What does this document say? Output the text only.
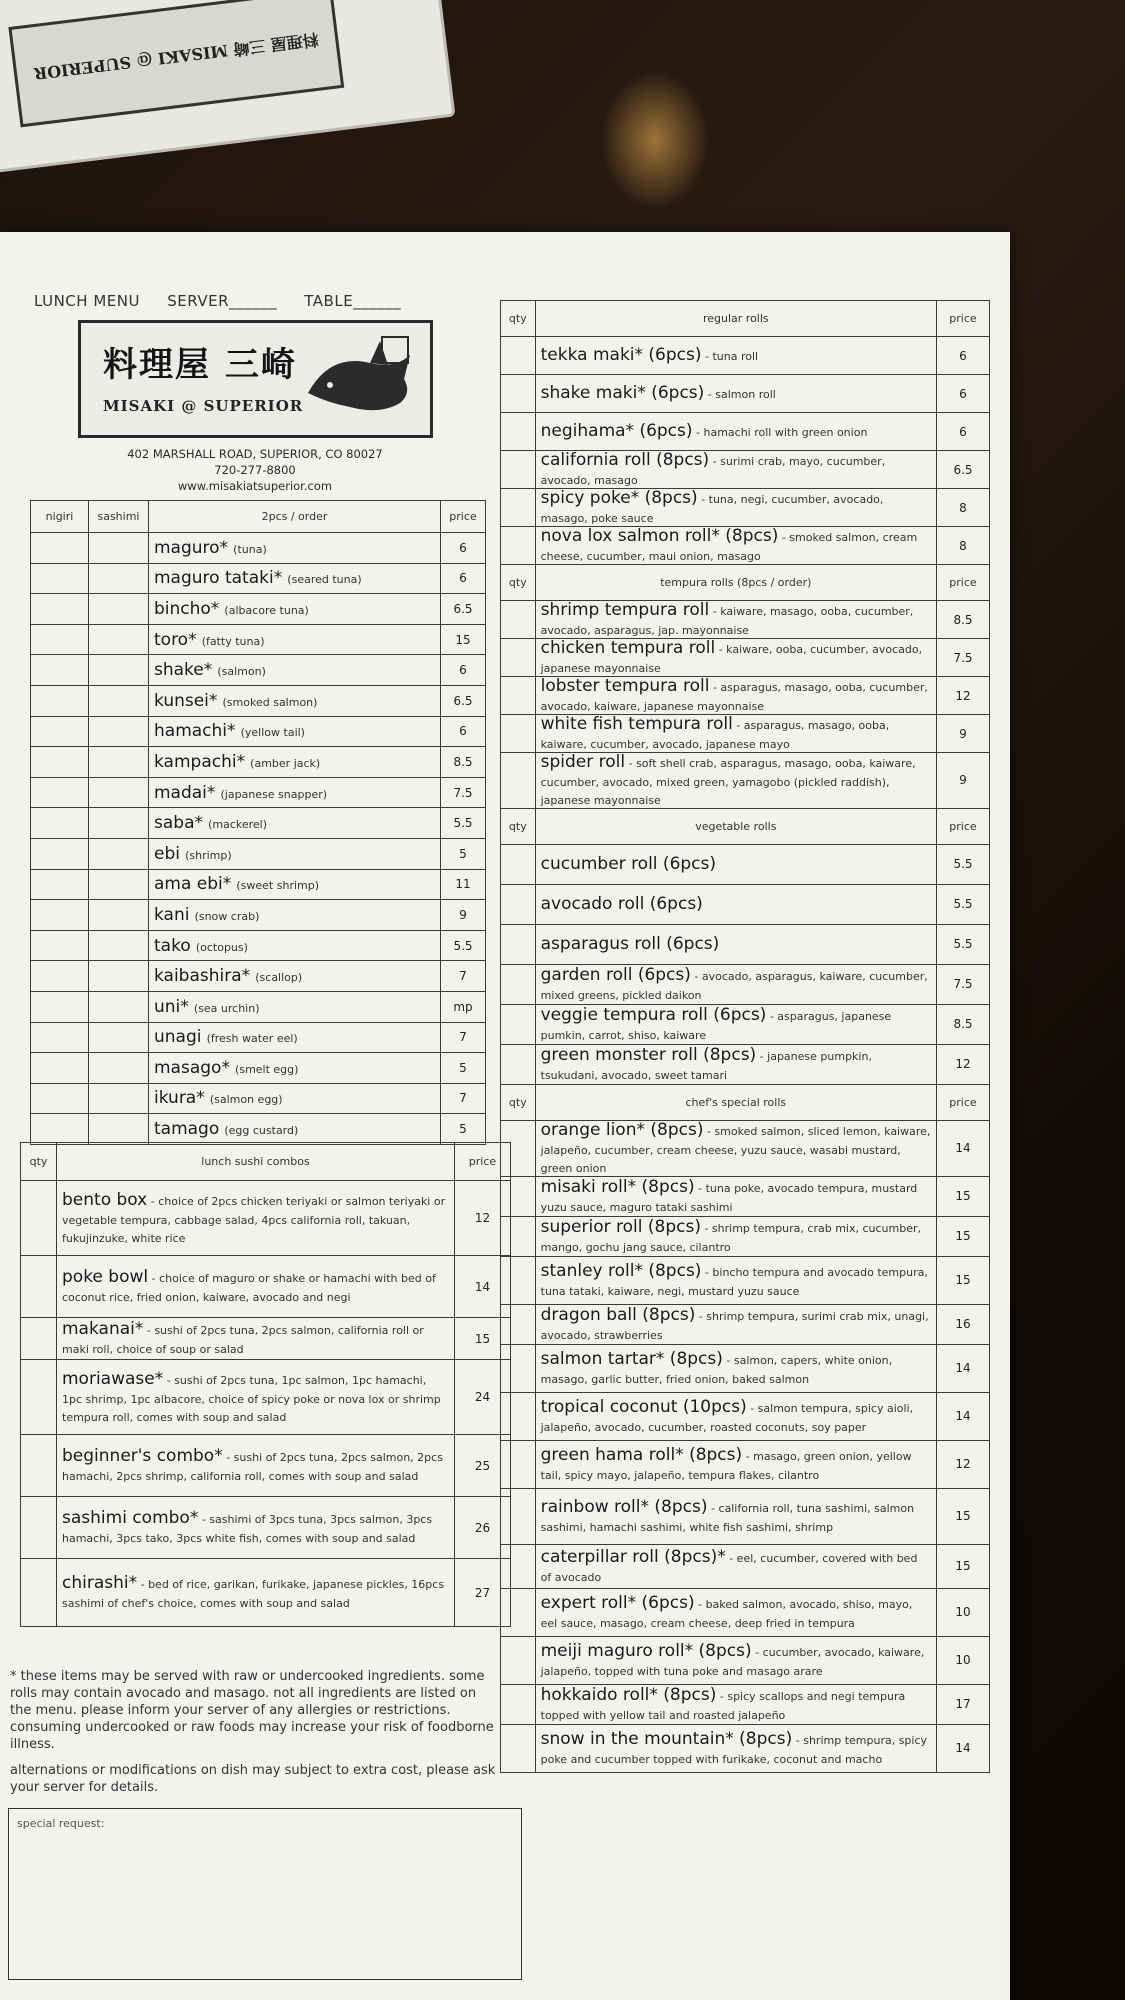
料理屋 三崎 MISAKI @ SUPERIOR
LUNCH MENU SERVER______ TABLE______
料理屋 三崎
MISAKI @ SUPERIOR
402 MARSHALL ROAD, SUPERIOR, CO 80027
720-277-8800
www.misakiatsuperior.com
nigiri	sashimi	2pcs / order	price
		maguro* (tuna)	6
		maguro tataki* (seared tuna)	6
		bincho* (albacore tuna)	6.5
		toro* (fatty tuna)	15
		shake* (salmon)	6
		kunsei* (smoked salmon)	6.5
		hamachi* (yellow tail)	6
		kampachi* (amber jack)	8.5
		madai* (japanese snapper)	7.5
		saba* (mackerel)	5.5
		ebi (shrimp)	5
		ama ebi* (sweet shrimp)	11
		kani (snow crab)	9
		tako (octopus)	5.5
		kaibashira* (scallop)	7
		uni* (sea urchin)	mp
		unagi (fresh water eel)	7
		masago* (smelt egg)	5
		ikura* (salmon egg)	7
		tamago (egg custard)	5
qty	lunch sushi combos	price
	bento box - choice of 2pcs chicken teriyaki or salmon teriyaki or vegetable tempura, cabbage salad, 4pcs california roll, takuan, fukujinzuke, white rice	12
	poke bowl - choice of maguro or shake or hamachi with bed of coconut rice, fried onion, kaiware, avocado and negi	14
	makanai* - sushi of 2pcs tuna, 2pcs salmon, california roll or maki roll, choice of soup or salad	15
	moriawase* - sushi of 2pcs tuna, 1pc salmon, 1pc hamachi, 1pc shrimp, 1pc albacore, choice of spicy poke or nova lox or shrimp tempura roll, comes with soup and salad	24
	beginner's combo* - sushi of 2pcs tuna, 2pcs salmon, 2pcs hamachi, 2pcs shrimp, california roll, comes with soup and salad	25
	sashimi combo* - sashimi of 3pcs tuna, 3pcs salmon, 3pcs hamachi, 3pcs tako, 3pcs white fish, comes with soup and salad	26
	chirashi* - bed of rice, garikan, furikake, japanese pickles, 16pcs sashimi of chef's choice, comes with soup and salad	27
* these items may be served with raw or undercooked ingredients. some rolls may contain avocado and masago. not all ingredients are listed on the menu. please inform your server of any allergies or restrictions. consuming undercooked or raw foods may increase your risk of foodborne illness.
alternations or modifications on dish may subject to extra cost, please ask your server for details.
special request:
qty	regular rolls	price
	tekka maki* (6pcs) - tuna roll	6
	shake maki* (6pcs) - salmon roll	6
	negihama* (6pcs) - hamachi roll with green onion	6
	california roll (8pcs) - surimi crab, mayo, cucumber, avocado, masago	6.5
	spicy poke* (8pcs) - tuna, negi, cucumber, avocado, masago, poke sauce	8
	nova lox salmon roll* (8pcs) - smoked salmon, cream cheese, cucumber, maui onion, masago	8
qty	tempura rolls (8pcs / order)	price
	shrimp tempura roll - kaiware, masago, ooba, cucumber, avocado, asparagus, jap. mayonnaise	8.5
	chicken tempura roll - kaiware, ooba, cucumber, avocado, japanese mayonnaise	7.5
	lobster tempura roll - asparagus, masago, ooba, cucumber, avocado, kaiware, japanese mayonnaise	12
	white fish tempura roll - asparagus, masago, ooba, kaiware, cucumber, avocado, japanese mayo	9
	spider roll - soft shell crab, asparagus, masago, ooba, kaiware, cucumber, avocado, mixed green, yamagobo (pickled raddish), japanese mayonnaise	9
qty	vegetable rolls	price
	cucumber roll (6pcs)	5.5
	avocado roll (6pcs)	5.5
	asparagus roll (6pcs)	5.5
	garden roll (6pcs) - avocado, asparagus, kaiware, cucumber, mixed greens, pickled daikon	7.5
	veggie tempura roll (6pcs) - asparagus, japanese pumkin, carrot, shiso, kaiware	8.5
	green monster roll (8pcs) - japanese pumpkin, tsukudani, avocado, sweet tamari	12
qty	chef's special rolls	price
	orange lion* (8pcs) - smoked salmon, sliced lemon, kaiware, jalapeño, cucumber, cream cheese, yuzu sauce, wasabi mustard, green onion	14
	misaki roll* (8pcs) - tuna poke, avocado tempura, mustard yuzu sauce, maguro tataki sashimi	15
	superior roll (8pcs) - shrimp tempura, crab mix, cucumber, mango, gochu jang sauce, cilantro	15
	stanley roll* (8pcs) - bincho tempura and avocado tempura, tuna tataki, kaiware, negi, mustard yuzu sauce	15
	dragon ball (8pcs) - shrimp tempura, surimi crab mix, unagi, avocado, strawberries	16
	salmon tartar* (8pcs) - salmon, capers, white onion, masago, garlic butter, fried onion, baked salmon	14
	tropical coconut (10pcs) - salmon tempura, spicy aioli, jalapeño, avocado, cucumber, roasted coconuts, soy paper	14
	green hama roll* (8pcs) - masago, green onion, yellow tail, spicy mayo, jalapeño, tempura flakes, cilantro	12
	rainbow roll* (8pcs) - california roll, tuna sashimi, salmon sashimi, hamachi sashimi, white fish sashimi, shrimp	15
	caterpillar roll (8pcs)* - eel, cucumber, covered with bed of avocado	15
	expert roll* (6pcs) - baked salmon, avocado, shiso, mayo, eel sauce, masago, cream cheese, deep fried in tempura	10
	meiji maguro roll* (8pcs) - cucumber, avocado, kaiware, jalapeño, topped with tuna poke and masago arare	10
	hokkaido roll* (8pcs) - spicy scallops and negi tempura topped with yellow tail and roasted jalapeño	17
	snow in the mountain* (8pcs) - shrimp tempura, spicy poke and cucumber topped with furikake, coconut and macho	14
